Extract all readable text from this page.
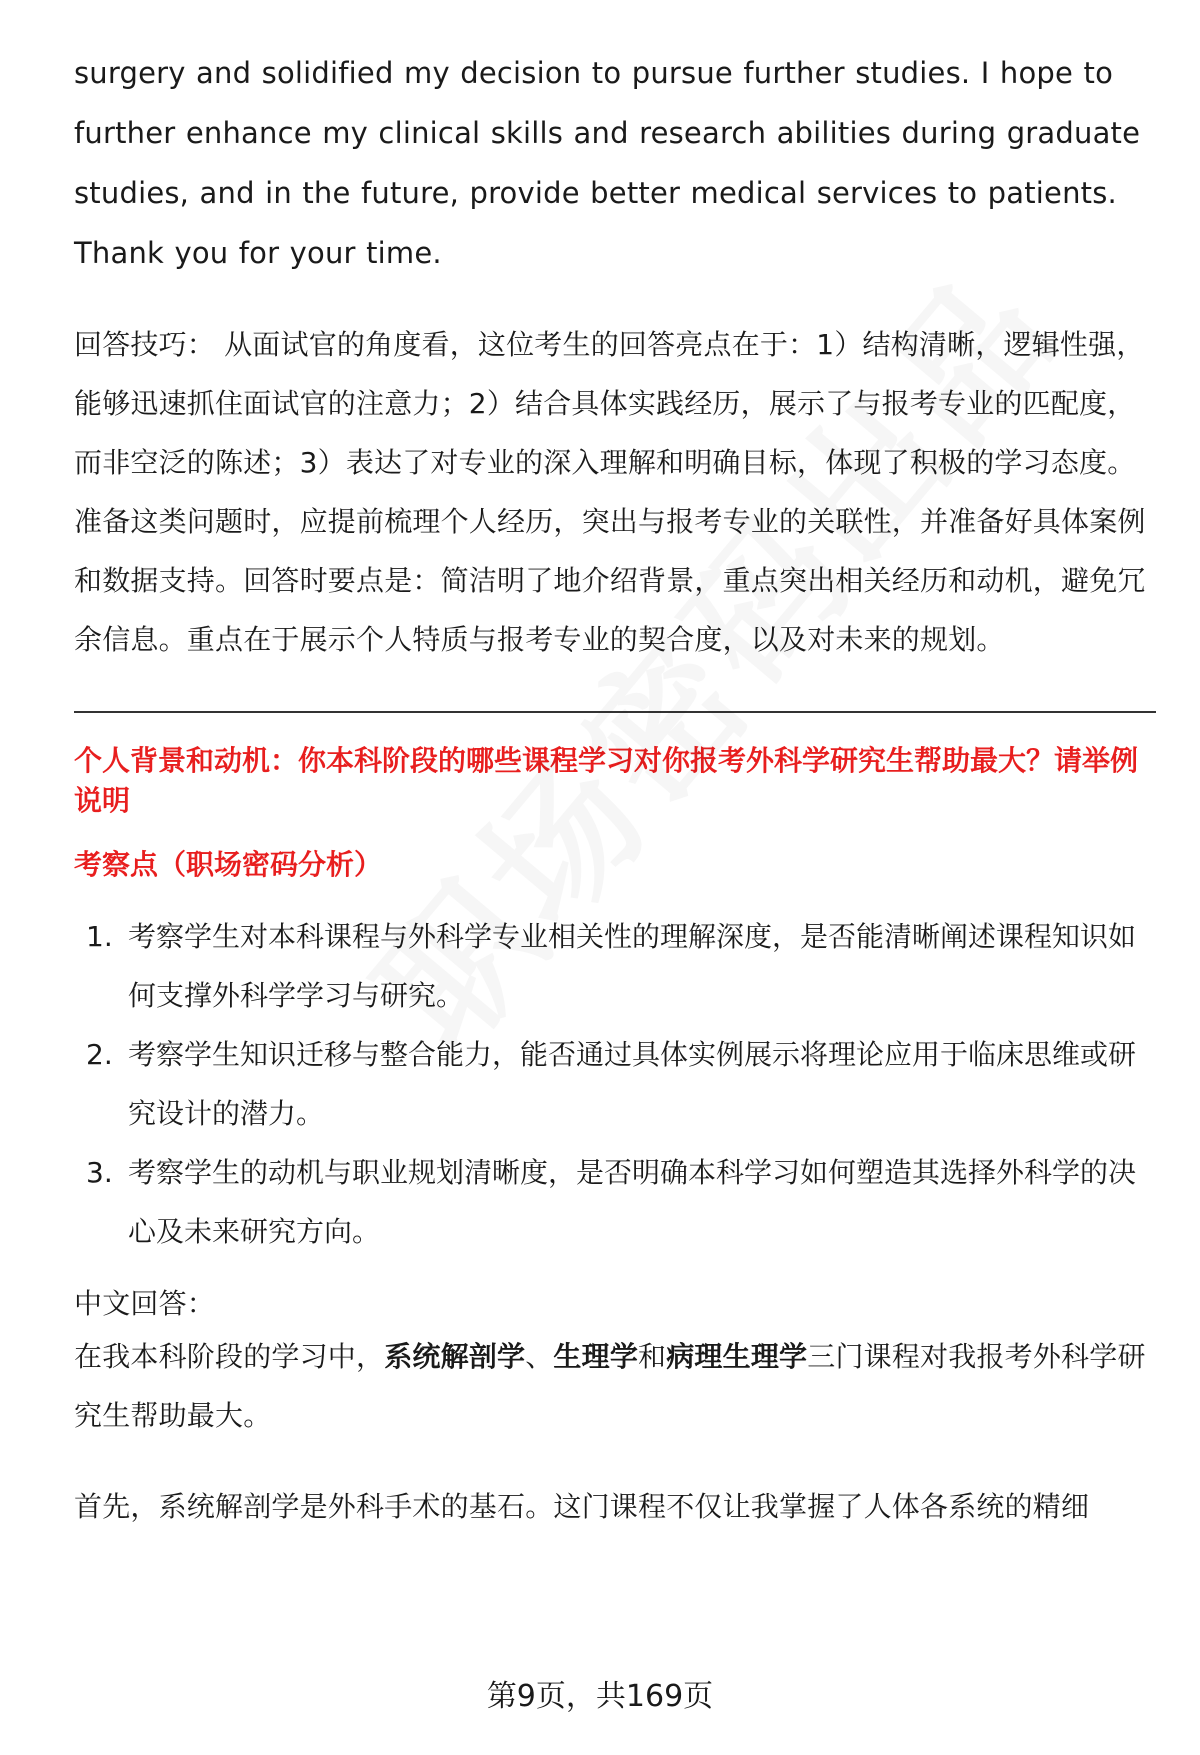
surgery and solidified my decision to pursue further studies. I hope to further enhance my clinical skills and research abilities during graduate studies, and in the future, provide better medical services to patients. Thank you for your time.

回答技巧： 从面试官的角度看，这位考生的回答亮点在于：1）结构清晰，逻辑性强，能够迅速抓住面试官的注意力；2）结合具体实践经历，展示了与报考专业的匹配度，而非空泛的陈述；3）表达了对专业的深入理解和明确目标，体现了积极的学习态度。准备这类问题时，应提前梳理个人经历，突出与报考专业的关联性，并准备好具体案例和数据支持。回答时要点是：简洁明了地介绍背景，重点突出相关经历和动机，避免冗余信息。重点在于展示个人特质与报考专业的契合度，以及对未来的规划。

个人背景和动机：你本科阶段的哪些课程学习对你报考外科学研究生帮助最大？请举例说明
考察点（职场密码分析）
1. 考察学生对本科课程与外科学专业相关性的理解深度，是否能清晰阐述课程知识如何支撑外科学学习与研究。
2. 考察学生知识迁移与整合能力，能否通过具体实例展示将理论应用于临床思维或研究设计的潜力。
3. 考察学生的动机与职业规划清晰度，是否明确本科学习如何塑造其选择外科学的决心及未来研究方向。

中文回答：

在我本科阶段的学习中，系统解剖学、生理学和病理生理学三门课程对我报考外科学研究生帮助最大。

首先，系统解剖学是外科手术的基石。这门课程不仅让我掌握了人体各系统的精细

第9页，共169页
